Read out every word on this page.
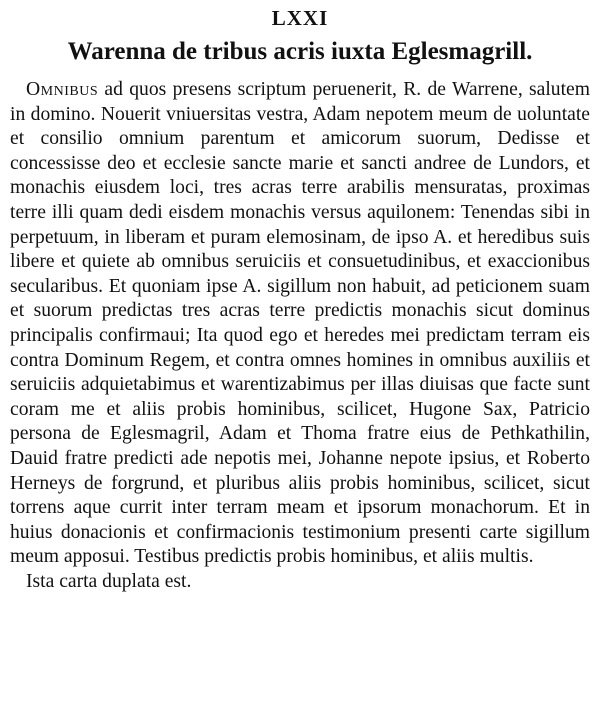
LXXI
Warenna de tribus acris iuxta Eglesmagrill.

Omnibus ad quos presens scriptum peruenerit, R. de Warrene, salutem in domino. Nouerit vniuersitas vestra, Adam nepotem meum de uoluntate et consilio omnium parentum et amicorum suorum, Dedisse et concessisse deo et ecclesie sancte marie et sancti andree de Lundors, et monachis eiusdem loci, tres acras terre arabilis mensuratas, proximas terre illi quam dedi eisdem monachis versus aquilonem: Tenendas sibi in perpetuum, in liberam et puram elemosinam, de ipso A. et heredibus suis libere et quiete ab omnibus seruiciis et consuetudinibus, et exaccionibus secularibus. Et quoniam ipse A. sigillum non habuit, ad peticionem suam et suorum predictas tres acras terre predictis monachis sicut dominus principalis confirmaui; Ita quod ego et heredes mei predictam terram eis contra Dominum Regem, et contra omnes homines in omnibus auxiliis et seruiciis adquietabimus et warentizabimus per illas diuisas que facte sunt coram me et aliis probis hominibus, scilicet, Hugone Sax, Patricio persona de Eglesmagril, Adam et Thoma fratre eius de Pethkathilin, Dauid fratre predicti ade nepotis mei, Johanne nepote ipsius, et Roberto Herneys de forgrund, et pluribus aliis probis hominibus, scilicet, sicut torrens aque currit inter terram meam et ipsorum monachorum. Et in huius donacionis et confirmacionis testimonium presenti carte sigillum meum apposui. Testibus predictis probis hominibus, et aliis multis.

Ista carta duplata est.
